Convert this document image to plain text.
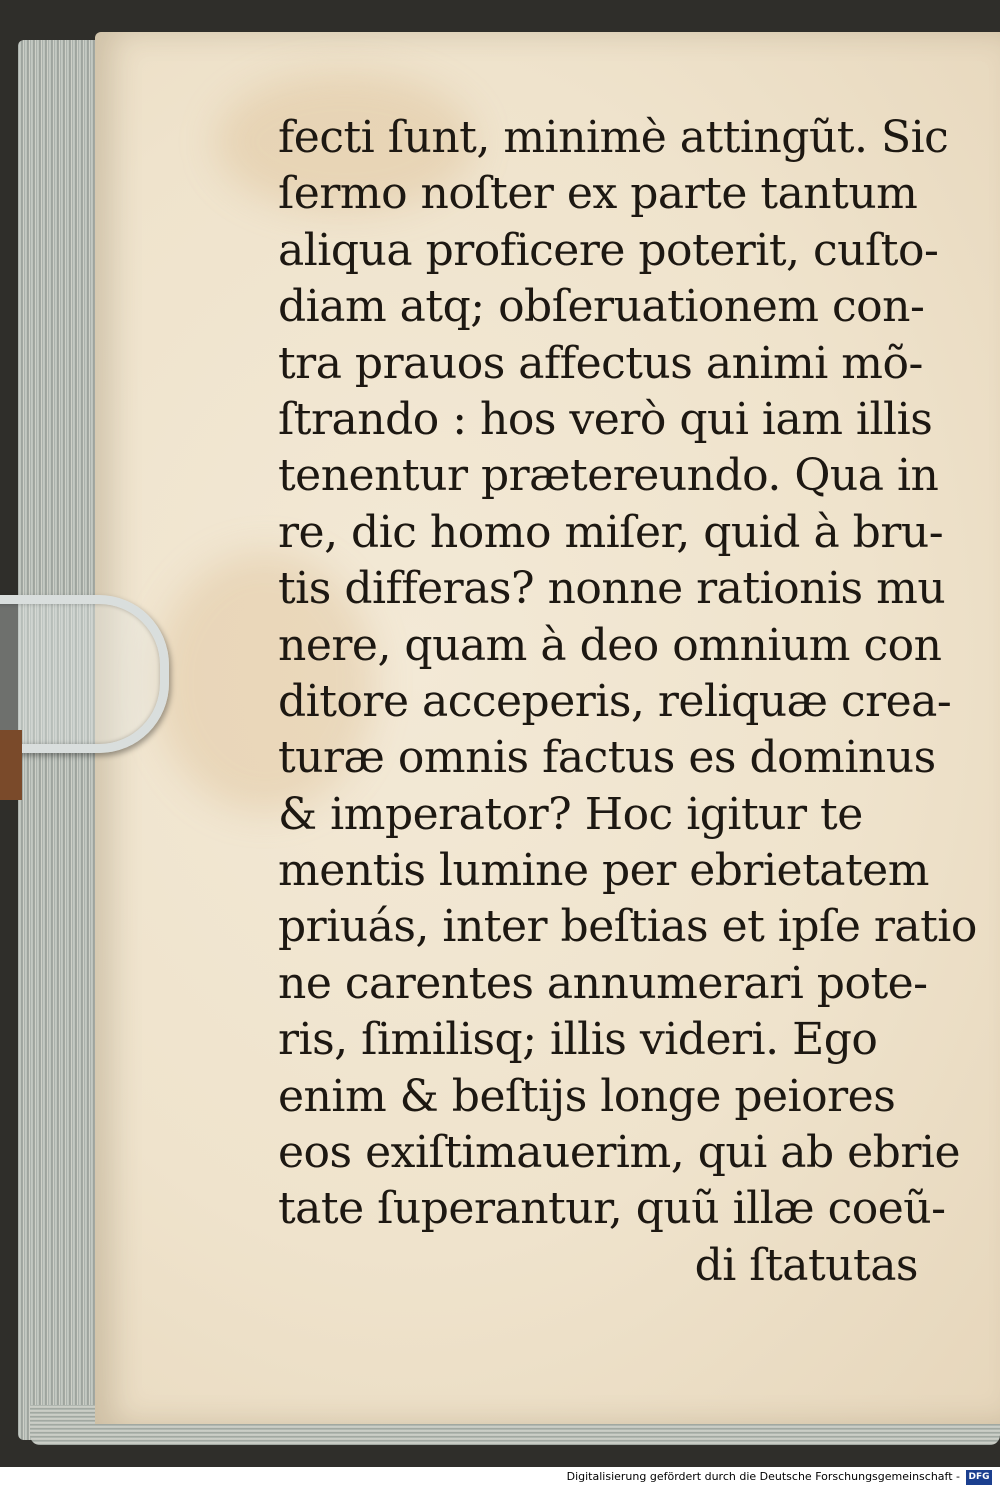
fecti ſunt, minimè attingũt. Sic
ſermo noſter ex parte tantum
aliqua proficere poterit, cuſto-
diam atq; obſeruationem con-
tra prauos affectus animi mõ-
ſtrando : hos verò qui iam illis
tenentur prætereundo. Qua in
re, dic homo miſer, quid à bru-
tis differas? nonne rationis mu
nere, quam à deo omnium con
ditore acceperis, reliquæ crea-
turæ omnis factus es dominus
& imperator? Hoc igitur te
mentis lumine per ebrietatem
priuás, inter beſtias et ipſe ratio
ne carentes annumerari pote-
ris, ſimilisq; illis videri. Ego
enim & beſtijs longe peiores
eos exiſtimauerim, qui ab ebrie
tate ſuperantur, quũ illæ coeũ-
di ſtatutas
Digitalisierung gefördert durch die Deutsche Forschungsgemeinschaft - DFG
